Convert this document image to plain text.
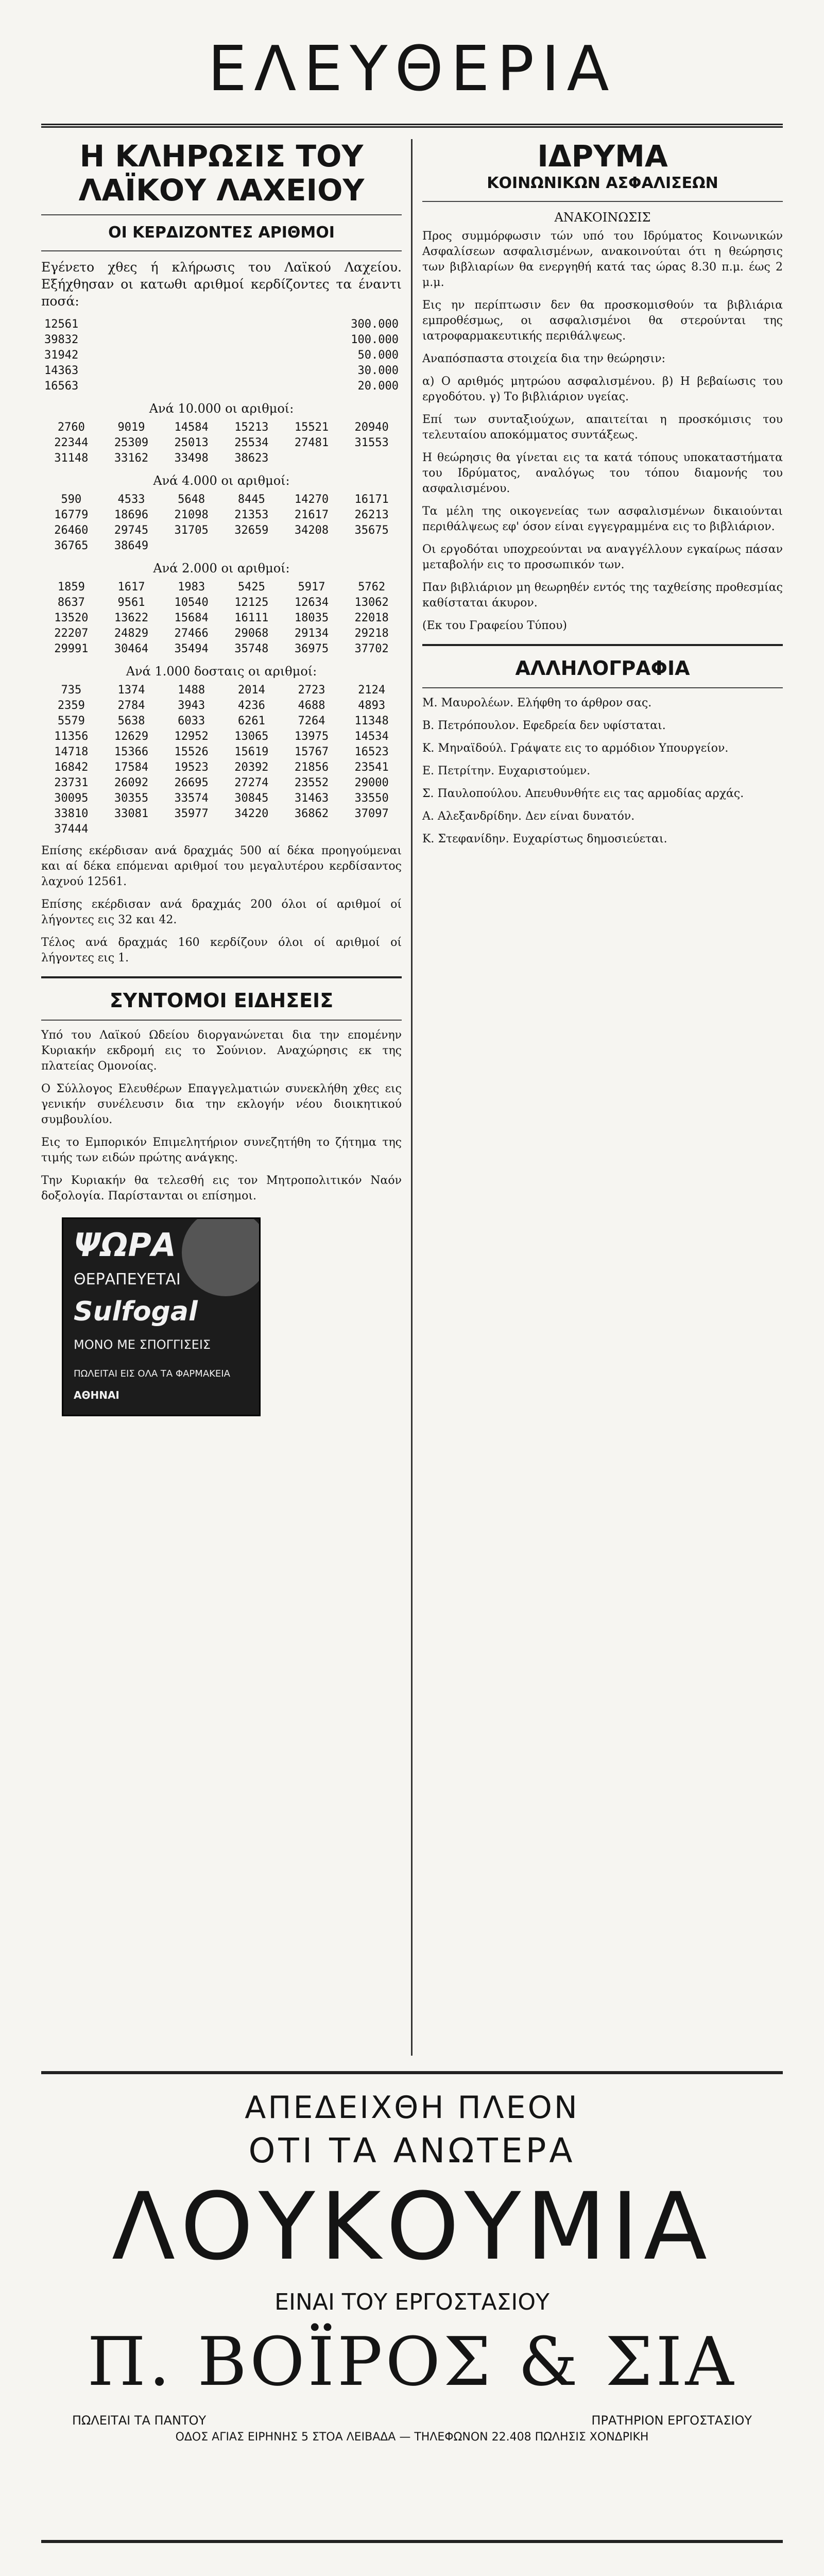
ΕΛΕΥΘΕΡΙΑ
Η ΚΛΗΡΩΣΙΣ ΤΟΥ ΛΑΪΚΟΥ ΛΑΧΕΙΟΥ
ΟΙ ΚΕΡΔΙΖΟΝΤΕΣ ΑΡΙΘΜΟΙ

Εγένετο χθες ή κλήρωσις του Λαϊκού Λαχείου. Εξήχθησαν οι κατωθι αριθμοί κερδίζοντες τα έναντι ποσά:

12561	300.000
39832	100.000
31942	50.000
14363	30.000
16563	20.000
Ανά 10.000 οι αριθμοί:
2760	9019	14584	15213	15521	20940
22344	25309	25013	25534	27481	31553
31148	33162	33498	38623
Ανά 4.000 οι αριθμοί:
590	4533	5648	8445	14270	16171
16779	18696	21098	21353	21617	26213
26460	29745	31705	32659	34208	35675
36765	38649
Ανά 2.000 οι αριθμοί:
1859	1617	1983	5425	5917	5762
8637	9561	10540	12125	12634	13062
13520	13622	15684	16111	18035	22018
22207	24829	27466	29068	29134	29218
29991	30464	35494	35748	36975	37702
Ανά 1.000 δοσταις οι αριθμοί:
735	1374	1488	2014	2723	2124
2359	2784	3943	4236	4688	4893
5579	5638	6033	6261	7264	11348
11356	12629	12952	13065	13975	14534
14718	15366	15526	15619	15767	16523
16842	17584	19523	20392	21856	23541
23731	26092	26695	27274	23552	29000
30095	30355	33574	30845	31463	33550
33810	33081	35977	34220	36862	37097
37444

Επίσης εκέρδισαν ανά δραχμάς 500 αί δέκα προηγούμεναι και αί δέκα επόμεναι αριθμοί του μεγαλυτέρου κερδίσαντος λαχνού 12561.

Επίσης εκέρδισαν ανά δραχμάς 200 όλοι οί αριθμοί οί λήγοντες εις 32 και 42.

Τέλος ανά δραχμάς 160 κερδίζουν όλοι οί αριθμοί οί λήγοντες εις 1.

ΣΥΝΤΟΜΟΙ ΕΙΔΗΣΕΙΣ

Υπό του Λαϊκού Ωδείου διοργανώνεται δια την επομένην Κυριακήν εκδρομή εις το Σούνιον. Αναχώρησις εκ της πλατείας Ομονοίας.

Ο Σύλλογος Ελευθέρων Επαγγελματιών συνεκλήθη χθες εις γενικήν συνέλευσιν δια την εκλογήν νέου διοικητικού συμβουλίου.

Εις το Εμπορικόν Επιμελητήριον συνεζητήθη το ζήτημα της τιμής των ειδών πρώτης ανάγκης.

Την Κυριακήν θα τελεσθή εις τον Μητροπολιτικόν Ναόν δοξολογία. Παρίστανται οι επίσημοι.

ΨΩΡΑ
ΘΕΡΑΠΕΥΕΤΑΙ
Sulfogal
ΜΟΝΟ ΜΕ ΣΠΟΓΓΙΣΕΙΣ
ΠΩΛΕΙΤΑΙ ΕΙΣ ΟΛΑ ΤΑ ΦΑΡΜΑΚΕΙΑ
ΑΘΗΝΑΙ
ΙΔΡΥΜΑ
ΚΟΙΝΩΝΙΚΩΝ ΑΣΦΑΛΙΣΕΩΝ
ΑΝΑΚΟΙΝΩΣΙΣ

Προς συμμόρφωσιν τών υπό του Ιδρύματος Κοινωνικών Ασφαλίσεων ασφαλισμένων, ανακοινούται ότι η θεώρησις των βιβλιαρίων θα ενεργηθή κατά τας ώρας 8.30 π.μ. έως 2 μ.μ.

Εις ην περίπτωσιν δεν θα προσκομισθούν τα βιβλιάρια εμπροθέσμως, οι ασφαλισμένοι θα στερούνται της ιατροφαρμακευτικής περιθάλψεως.

Αναπόσπαστα στοιχεία δια την θεώρησιν:

α) Ο αριθμός μητρώου ασφαλισμένου. β) Η βεβαίωσις του εργοδότου. γ) Το βιβλιάριον υγείας.

Επί των συνταξιούχων, απαιτείται η προσκόμισις του τελευταίου αποκόμματος συντάξεως.

Η θεώρησις θα γίνεται εις τα κατά τόπους υποκαταστήματα του Ιδρύματος, αναλόγως του τόπου διαμονής του ασφαλισμένου.

Τα μέλη της οικογενείας των ασφαλισμένων δικαιούνται περιθάλψεως εφ' όσον είναι εγγεγραμμένα εις το βιβλιάριον.

Οι εργοδόται υποχρεούνται να αναγγέλλουν εγκαίρως πάσαν μεταβολήν εις το προσωπικόν των.

Παν βιβλιάριον μη θεωρηθέν εντός της ταχθείσης προθεσμίας καθίσταται άκυρον.

(Εκ του Γραφείου Τύπου)

ΑΛΛΗΛΟΓΡΑΦΙΑ

Μ. Μαυρολέων. Ελήφθη το άρθρον σας.

Β. Πετρόπουλον. Εφεδρεία δεν υφίσταται.

Κ. Μηναϊδούλ. Γράψατε εις το αρμόδιον Υπουργείον.

Ε. Πετρίτην. Ευχαριστούμεν.

Σ. Παυλοπούλου. Απευθυνθήτε εις τας αρμοδίας αρχάς.

Α. Αλεξανδρίδην. Δεν είναι δυνατόν.

Κ. Στεφανίδην. Ευχαρίστως δημοσιεύεται.

ΑΠΕΔΕΙΧΘΗ ΠΛΕΟΝ
ΟΤΙ ΤΑ ΑΝΩΤΕΡΑ
ΛΟΥΚΟΥΜΙΑ
ΕΙΝΑΙ ΤΟΥ ΕΡΓΟΣΤΑΣΙΟΥ
Π. ΒΟΪΡΟΣ & ΣΙΑ
ΠΩΛΕΙΤΑΙ ΤΑ ΠΑΝΤΟΥ	ΠΡΑΤΗΡΙΟΝ ΕΡΓΟΣΤΑΣΙΟΥ
ΟΔΟΣ ΑΓΙΑΣ ΕΙΡΗΝΗΣ 5 ΣΤΟΑ ΛΕΙΒΑΔΑ — ΤΗΛΕΦΩΝΟΝ 22.408 ΠΩΛΗΣΙΣ ΧΟΝΔΡΙΚΗ
